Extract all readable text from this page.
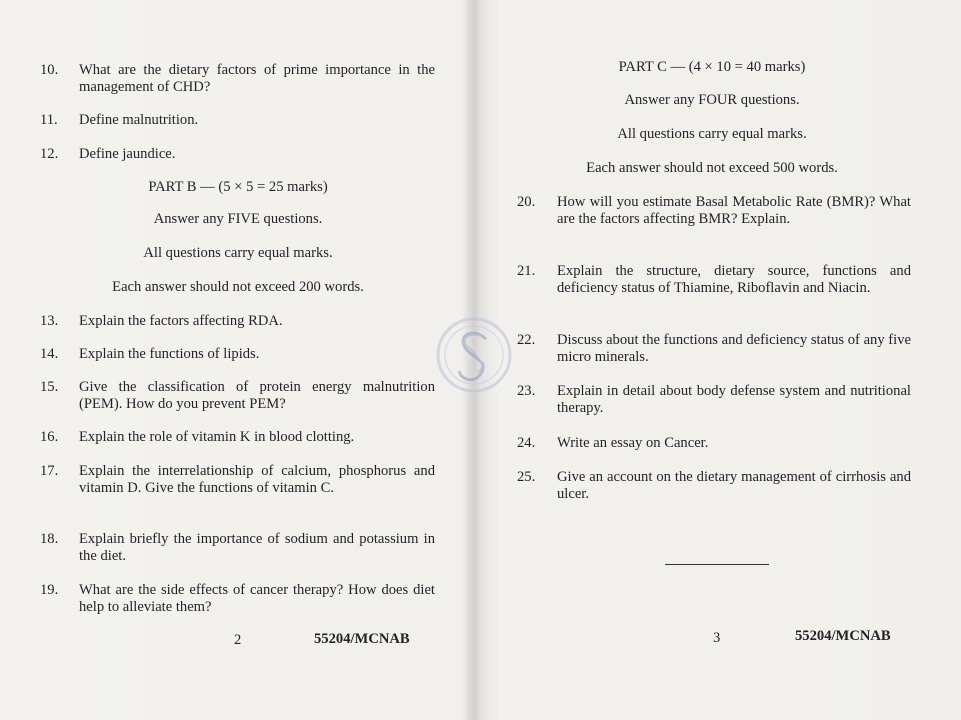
10.	What are the dietary factors of prime importance in the management of CHD?
11.	Define malnutrition.
12.	Define jaundice.
PART B — (5 × 5 = 25 marks)
Answer any FIVE questions.
All questions carry equal marks.
Each answer should not exceed 200 words.
13.	Explain the factors affecting RDA.
14.	Explain the functions of lipids.
15.	Give the classification of protein energy malnutrition (PEM). How do you prevent PEM?
16.	Explain the role of vitamin K in blood clotting.
17.	Explain the interrelationship of calcium, phosphorus and vitamin D. Give the functions of vitamin C.
18.	Explain briefly the importance of sodium and potassium in the diet.
19.	What are the side effects of cancer therapy? How does diet help to alleviate them?
2	55204/MCNAB
PART C — (4 × 10 = 40 marks)
Answer any FOUR questions.
All questions carry equal marks.
Each answer should not exceed 500 words.
20.	How will you estimate Basal Metabolic Rate (BMR)? What are the factors affecting BMR? Explain.
21.	Explain the structure, dietary source, functions and deficiency status of Thiamine, Riboflavin and Niacin.
22.	Discuss about the functions and deficiency status of any five micro minerals.
23.	Explain in detail about body defense system and nutritional therapy.
24.	Write an essay on Cancer.
25.	Give an account on the dietary management of cirrhosis and ulcer.
3	55204/MCNAB
